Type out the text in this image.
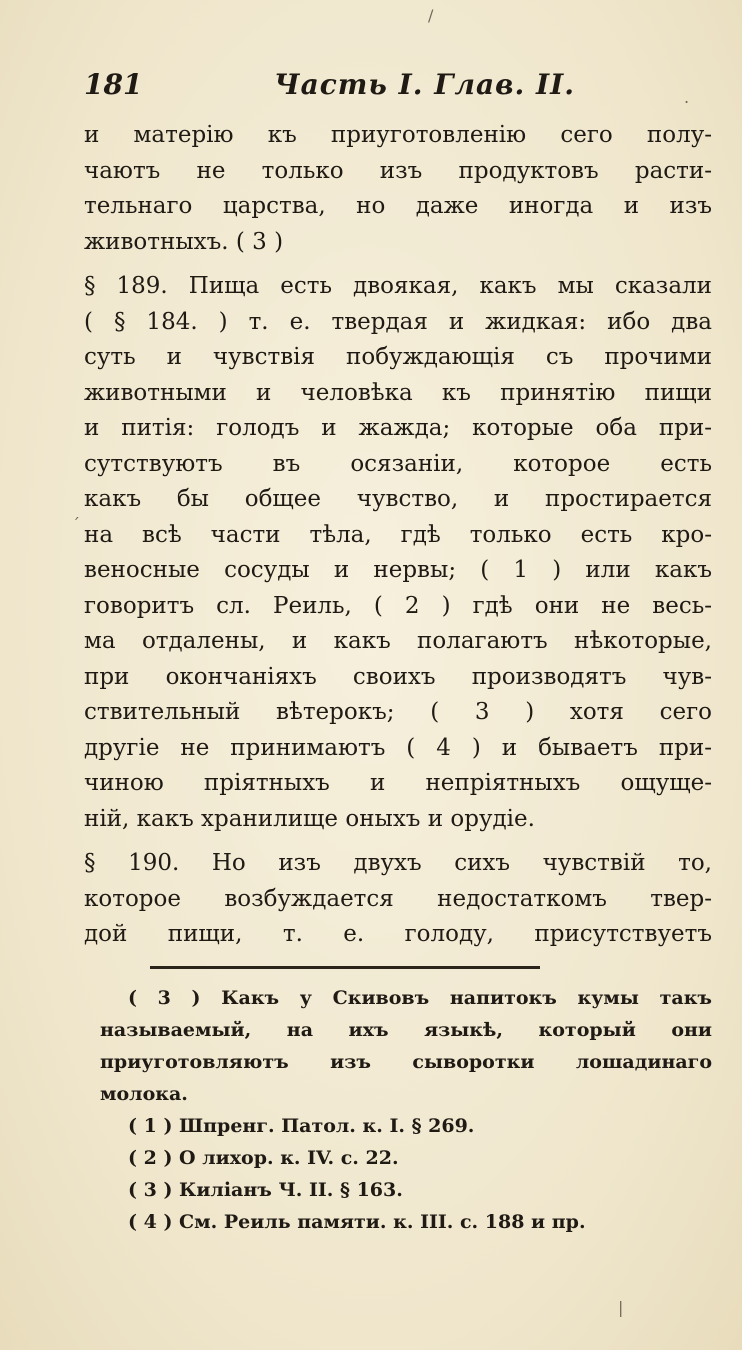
181	Часть I. Глав. II.
и матерію къ приуготовленію сего полу-
чаютъ не только изъ продуктовъ расти-
тельнаго царства, но даже иногда и изъ
животныхъ. ( 3 )
§ 189. Пища есть двоякая, какъ мы сказали
( § 184. ) т. е. твердая и жидкая: ибо два
суть и чувствія побуждающія съ прочими
животными и человѣка къ принятію пищи
и питія: голодъ и жажда; которые оба при-
сутствуютъ въ осязаніи, которое есть
какъ бы общее чувство, и простирается
на всѣ части тѣла, гдѣ только есть кро-
веносные сосуды и нервы; ( 1 ) или какъ
говоритъ сл. Реиль, ( 2 ) гдѣ они не весь-
ма отдалены, и какъ полагаютъ нѣкоторые,
при окончаніяхъ своихъ производятъ чув-
ствительный вѣтерокъ; ( 3 ) хотя сего
другіе не принимаютъ ( 4 ) и бываетъ при-
чиною пріятныхъ и непріятныхъ ощуще-
ній, какъ хранилище оныхъ и орудіе.
§ 190. Но изъ двухъ сихъ чувствій то,
которое возбуждается недостаткомъ твер-
дой пищи, т. е. голоду, присутствуетъ
( 3 ) Какъ у Скивовъ напитокъ кумы такъ
называемый, на ихъ языкѣ, который они
приуготовляютъ изъ сыворотки лошадинаго
молока.
( 1 ) Шпренг. Патол. к. I. § 269.
( 2 ) О лихор. к. IV. с. 22.
( 3 ) Киліанъ Ч. II. § 163.
( 4 ) См. Реиль памяти. к. III. с. 188 и пр.
/
.
´
|
